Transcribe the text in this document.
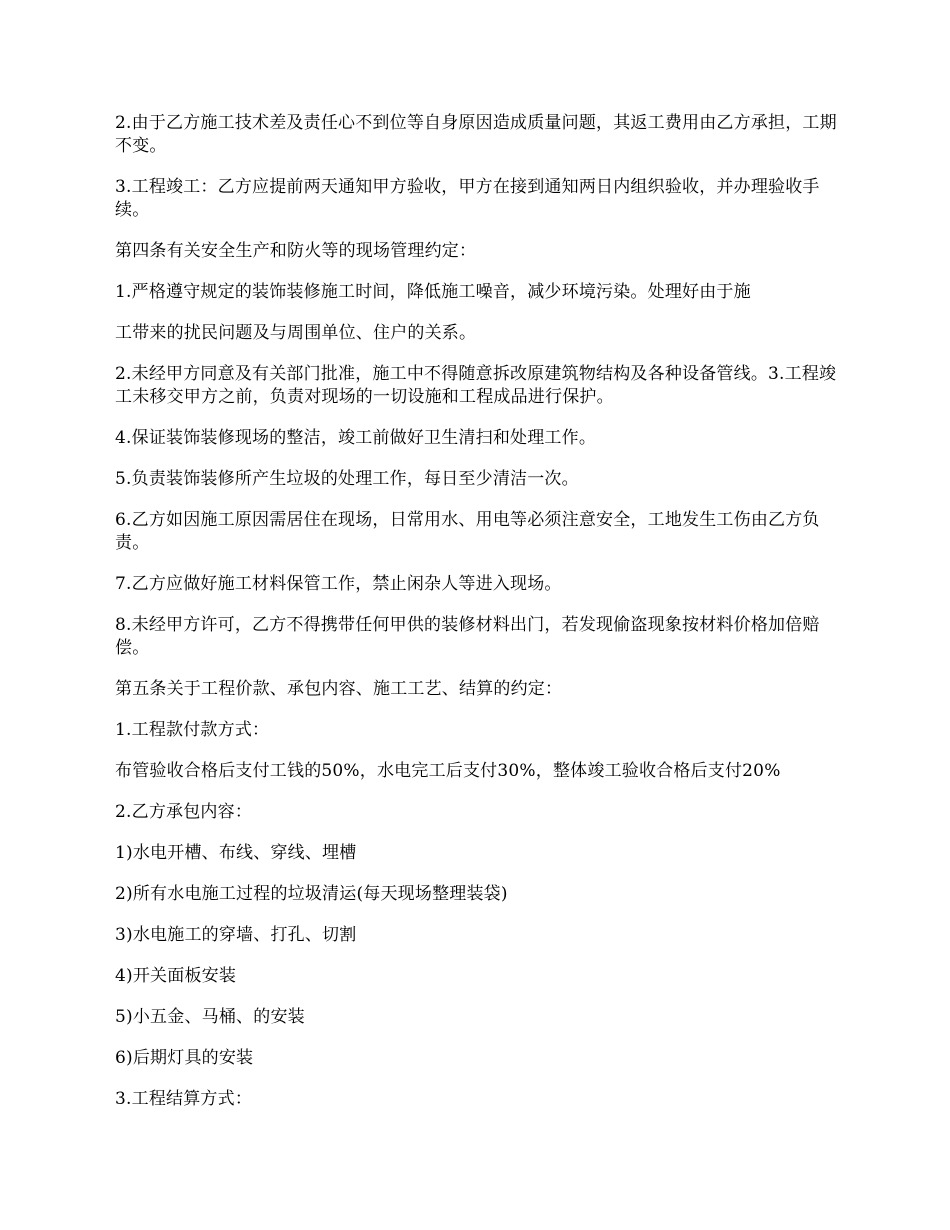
2.由于乙方施工技术差及责任心不到位等自身原因造成质量问题，其返工费用由乙方承担，工期不变。

3.工程竣工：乙方应提前两天通知甲方验收，甲方在接到通知两日内组织验收，并办理验收手续。

第四条有关安全生产和防火等的现场管理约定：

1.严格遵守规定的装饰装修施工时间，降低施工噪音，减少环境污染。处理好由于施

工带来的扰民问题及与周围单位、住户的关系。

2.未经甲方同意及有关部门批准，施工中不得随意拆改原建筑物结构及各种设备管线。3.工程竣工未移交甲方之前，负责对现场的一切设施和工程成品进行保护。

4.保证装饰装修现场的整洁，竣工前做好卫生清扫和处理工作。

5.负责装饰装修所产生垃圾的处理工作，每日至少清洁一次。

6.乙方如因施工原因需居住在现场，日常用水、用电等必须注意安全，工地发生工伤由乙方负责。

7.乙方应做好施工材料保管工作，禁止闲杂人等进入现场。

8.未经甲方许可，乙方不得携带任何甲供的装修材料出门，若发现偷盗现象按材料价格加倍赔偿。

第五条关于工程价款、承包内容、施工工艺、结算的约定：

1.工程款付款方式：

布管验收合格后支付工钱的50%，水电完工后支付30%，整体竣工验收合格后支付20%

2.乙方承包内容：

1)水电开槽、布线、穿线、埋槽

2)所有水电施工过程的垃圾清运(每天现场整理装袋)

3)水电施工的穿墙、打孔、切割

4)开关面板安装

5)小五金、马桶、的安装

6)后期灯具的安装

3.工程结算方式：
